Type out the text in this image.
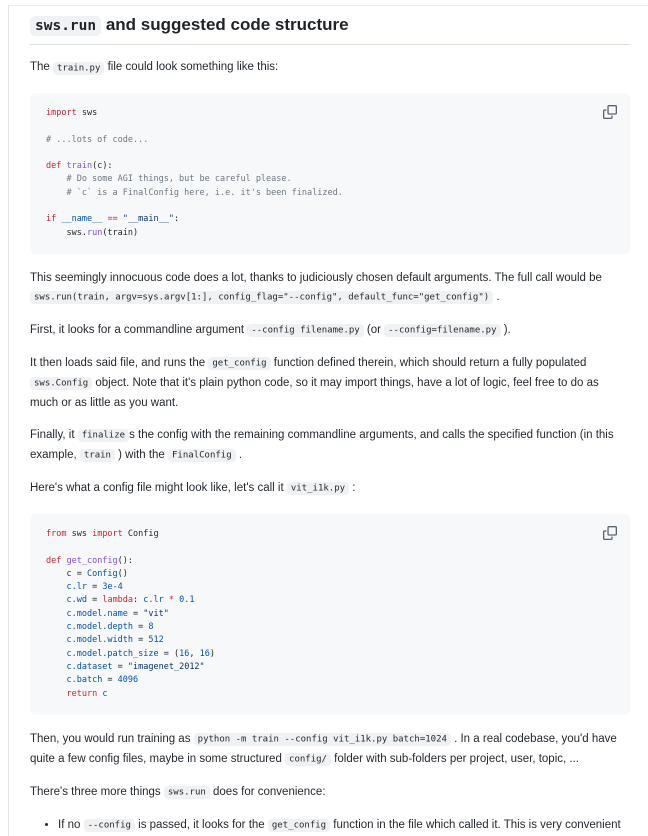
sws.run and suggested code structure

The train.py file could look something like this:

import sws

# ...lots of code...

def train(c):
# Do some AGI things, but be careful please.
# `c` is a FinalConfig here, i.e. it's been finalized.

if __name__ == "__main__":
sws.run(train)

This seemingly innocuous code does a lot, thanks to judiciously chosen default arguments. The full call would be sws.run(train, argv=sys.argv[1:], config_flag="--config", default_func="get_config") .

First, it looks for a commandline argument --config filename.py (or --config=filename.py ).

It then loads said file, and runs the get_config function defined therein, which should return a fully populated sws.Config object. Note that it's plain python code, so it may import things, have a lot of logic, feel free to do as much or as little as you want.

Finally, it finalize s the config with the remaining commandline arguments, and calls the specified function (in this example, train ) with the FinalConfig .

Here's what a config file might look like, let's call it vit_i1k.py :

from sws import Config

def get_config():
c = Config()
c.lr = 3e-4
c.wd = lambda: c.lr * 0.1
c.model.name = "vit"
c.model.depth = 8
c.model.width = 512
c.model.patch_size = (16, 16)
c.dataset = "imagenet_2012"
c.batch = 4096
return c

Then, you would run training as python -m train --config vit_i1k.py batch=1024 . In a real codebase, you'd have quite a few config files, maybe in some structured config/ folder with sub-folders per project, user, topic, ...

There's three more things sws.run does for convenience:

• If no --config is passed, it looks for the get_config function in the file which called it. This is very convenient
